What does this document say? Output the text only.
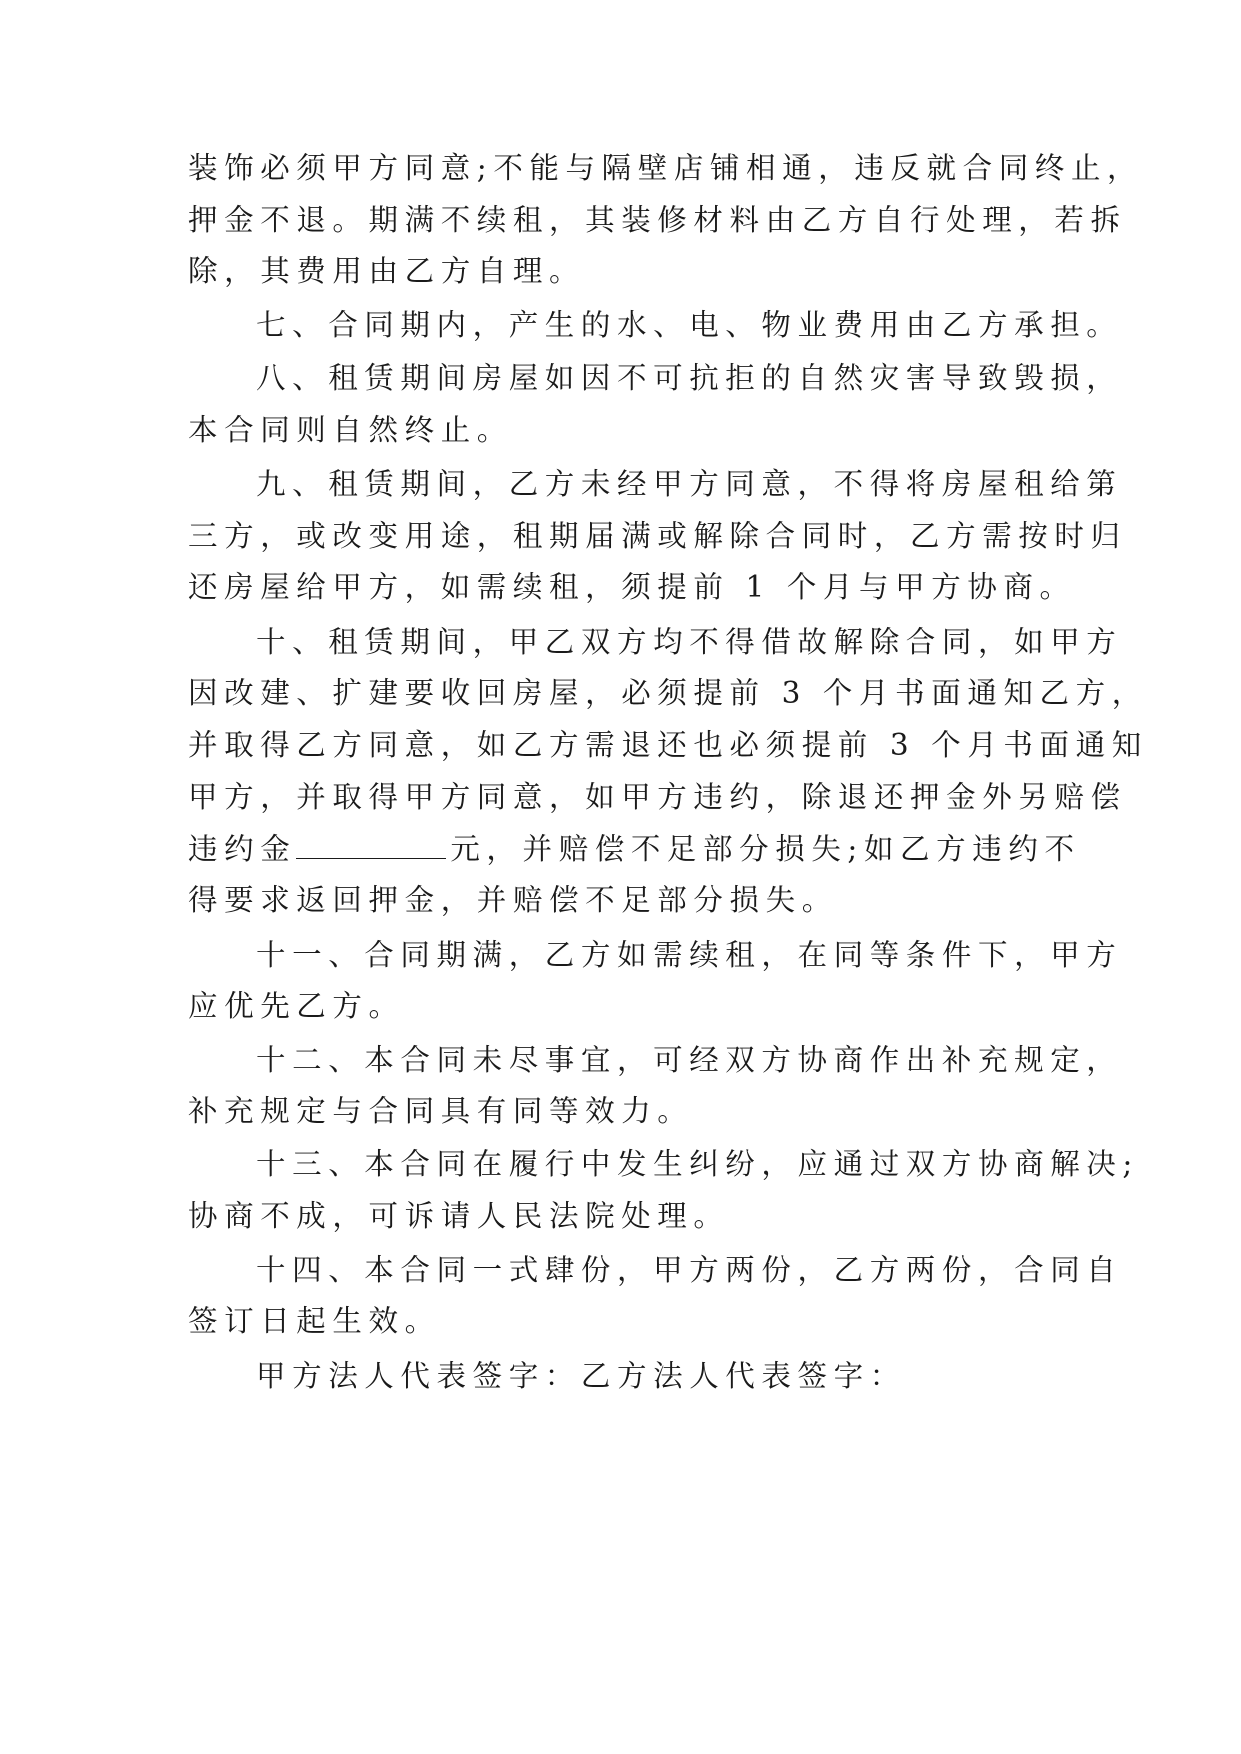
装饰必须甲方同意;不能与隔壁店铺相通，违反就合同终止，
押金不退。期满不续租，其装修材料由乙方自行处理，若拆
除，其费用由乙方自理。
七、合同期内，产生的水、电、物业费用由乙方承担。
八、租赁期间房屋如因不可抗拒的自然灾害导致毁损，
本合同则自然终止。
九、租赁期间，乙方未经甲方同意，不得将房屋租给第
三方，或改变用途，租期届满或解除合同时，乙方需按时归
还房屋给甲方，如需续租，须提前 1 个月与甲方协商。
十、租赁期间，甲乙双方均不得借故解除合同，如甲方
因改建、扩建要收回房屋，必须提前 3 个月书面通知乙方，
并取得乙方同意，如乙方需退还也必须提前 3 个月书面通知
甲方，并取得甲方同意，如甲方违约，除退还押金外另赔偿
违约金	元，并赔偿不足部分损失;如乙方违约不
得要求返回押金，并赔偿不足部分损失。
十一、合同期满，乙方如需续租，在同等条件下，甲方
应优先乙方。
十二、本合同未尽事宜，可经双方协商作出补充规定，
补充规定与合同具有同等效力。
十三、本合同在履行中发生纠纷，应通过双方协商解决;
协商不成，可诉请人民法院处理。
十四、本合同一式肆份，甲方两份，乙方两份，合同自
签订日起生效。
甲方法人代表签字：乙方法人代表签字：
